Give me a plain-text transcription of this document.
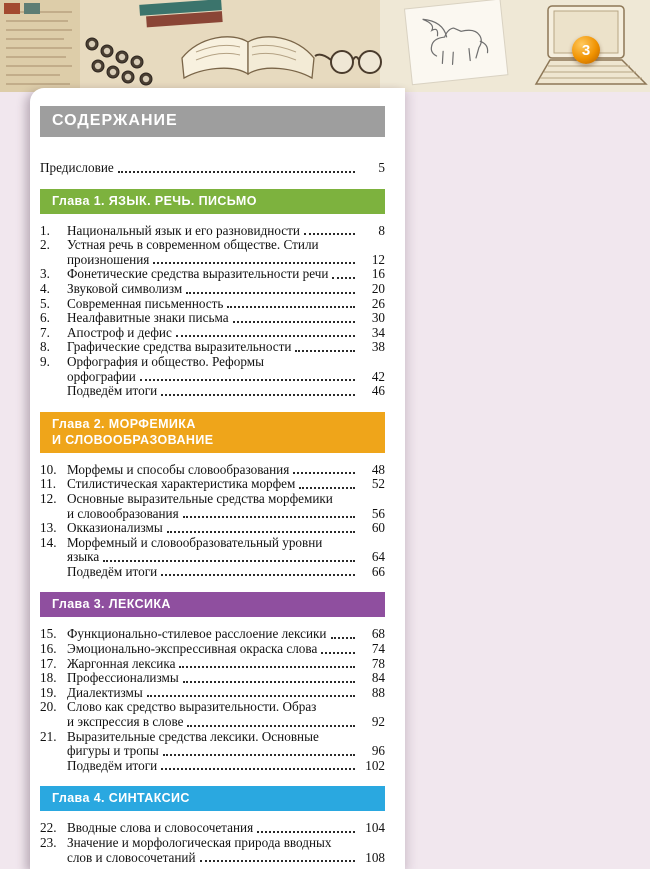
3
СОДЕРЖАНИЕ
Предисловие	5
Глава 1. ЯЗЫК. РЕЧЬ. ПИСЬМО
1.	Национальный язык и его разновидности	8
2.	Устная речь в современном обществе. Стили
произношения	12
3.	Фонетические средства выразительности речи	16
4.	Звуковой символизм	20
5.	Современная письменность	26
6.	Неалфавитные знаки письма	30
7.	Апостроф и дефис	34
8.	Графические средства выразительности	38
9.	Орфография и общество. Реформы
орфографии	42
Подведём итоги	46
Глава 2. МОРФЕМИКА
И СЛОВООБРАЗОВАНИЕ
10. Морфемы и способы словообразования	48
11. Стилистическая характеристика морфем	52
12. Основные выразительные средства морфемики
и словообразования	56
13. Окказионализмы	60
14. Морфемный и словообразовательный уровни
языка	64
Подведём итоги	66
Глава 3. ЛЕКСИКА
15. Функционально-стилевое расслоение лексики	68
16. Эмоционально-экспрессивная окраска слова	74
17. Жаргонная лексика	78
18. Профессионализмы	84
19. Диалектизмы	88
20. Слово как средство выразительности. Образ
и экспрессия в слове	92
21. Выразительные средства лексики. Основные
фигуры и тропы	96
Подведём итоги	102
Глава 4. СИНТАКСИС
22. Вводные слова и словосочетания	104
23. Значение и морфологическая природа вводных
слов и словосочетаний	108
